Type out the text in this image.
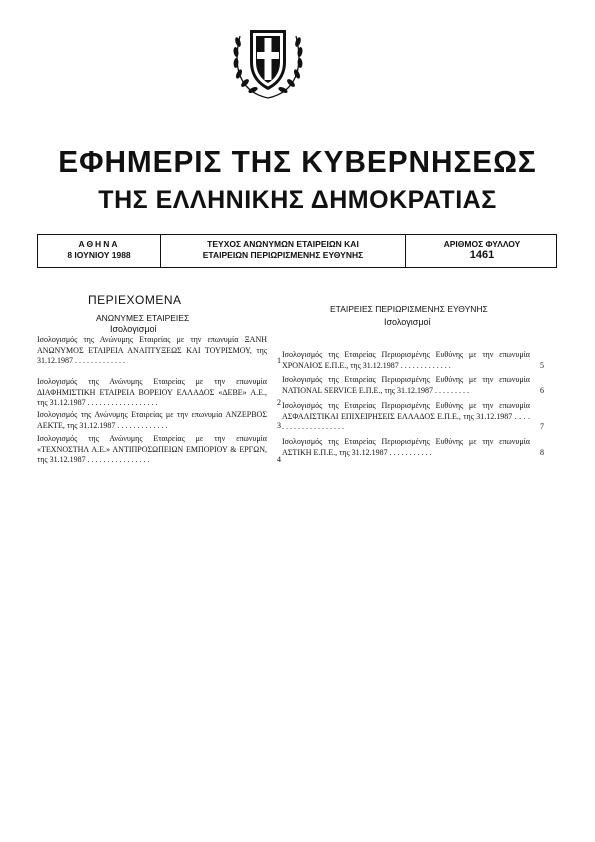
ΕΦΗΜΕΡΙΣ ΤΗΣ ΚΥΒΕΡΝΗΣΕΩΣ
ΤΗΣ ΕΛΛΗΝΙΚΗΣ ΔΗΜΟΚΡΑΤΙΑΣ
ΑΘΗΝΑ
8 ΙΟΥΝΙΟΥ 1988
ΤΕΥΧΟΣ ΑΝΩΝΥΜΩΝ ΕΤΑΙΡΕΙΩΝ ΚΑΙ
ΕΤΑΙΡΕΙΩΝ ΠΕΡΙΩΡΙΣΜΕΝΗΣ ΕΥΘΥΝΗΣ
ΑΡΙΘΜΟΣ ΦΥΛΛΟΥ
1461
ΠΕΡΙΕΧΟΜΕΝΑ
ΑΝΩΝΥΜΕΣ ΕΤΑΙΡΕΙΕΣ
Ισολογισμοί
Ισολογισμός της Ανώνυμης Εταιρείας με την επωνυμία ΞΑΝΗ ΑΝΩΝΥΜΟΣ ΕΤΑΙΡΕΙΑ ΑΝΑΠΤΥΞΕΩΣ ΚΑΙ ΤΟΥΡΙΣΜΟΥ, της 31.12.1987 . . . . . . . . . . . . .	1
Ισολογισμός της Ανώνυμης Εταιρείας με την επωνυμία ΔΙΑΦΗΜΙΣΤΙΚΗ ΕΤΑΙΡΕΙΑ ΒΟΡΕΙΟΥ ΕΛΛΑΔΟΣ «ΔΕΒΕ» Α.Ε., της 31.12.1987 . . . . . . . . . . . . . . . . . .	2
Ισολογισμός της Ανώνυμης Εταιρείας με την επωνυμία ΑΝΖΕΡΒΟΣ ΑΕΚΤΕ, της 31.12.1987 . . . . . . . . . . . . .	3
Ισολογισμός της Ανώνυμης Εταιρείας με την επωνυμία «ΤΕΧΝΟΣΤΗΛ Α.Ε.» ΑΝΤΙΠΡΟΣΩΠΕΙΩΝ ΕΜΠΟΡΙΟΥ & ΕΡΓΩΝ, της 31.12.1987 . . . . . . . . . . . . . . . .	4
ΕΤΑΙΡΕΙΕΣ ΠΕΡΙΩΡΙΣΜΕΝΗΣ ΕΥΘΥΝΗΣ
Ισολογισμοί
Ισολογισμός της Εταιρείας Περιορισμένης Ευθύνης με την επωνυμία ΧΡΟΝΑΙΟΣ Ε.Π.Ε., της 31.12.1987 . . . . . . . . . . . . .	5
Ισολογισμός της Εταιρείας Περιορισμένης Ευθύνης με την επωνυμία NATIONAL SERVICE Ε.Π.Ε., της 31.12.1987 . . . . . . . . .	6
Ισολογισμός της Εταιρείας Περιορισμένης Ευθύνης με την επωνυμία ΑΣΦΑΛΙΣΤΙΚΑΙ ΕΠΙΧΕΙΡΗΣΕΙΣ ΕΛΛΑΔΟΣ Ε.Π.Ε., της 31.12.1987 . . . . . . . . . . . . . . . . . . . .	7
Ισολογισμός της Εταιρείας Περιορισμένης Ευθύνης με την επωνυμία ΑΣΤΙΚΗ Ε.Π.Ε., της 31.12.1987 . . . . . . . . . . .	8
